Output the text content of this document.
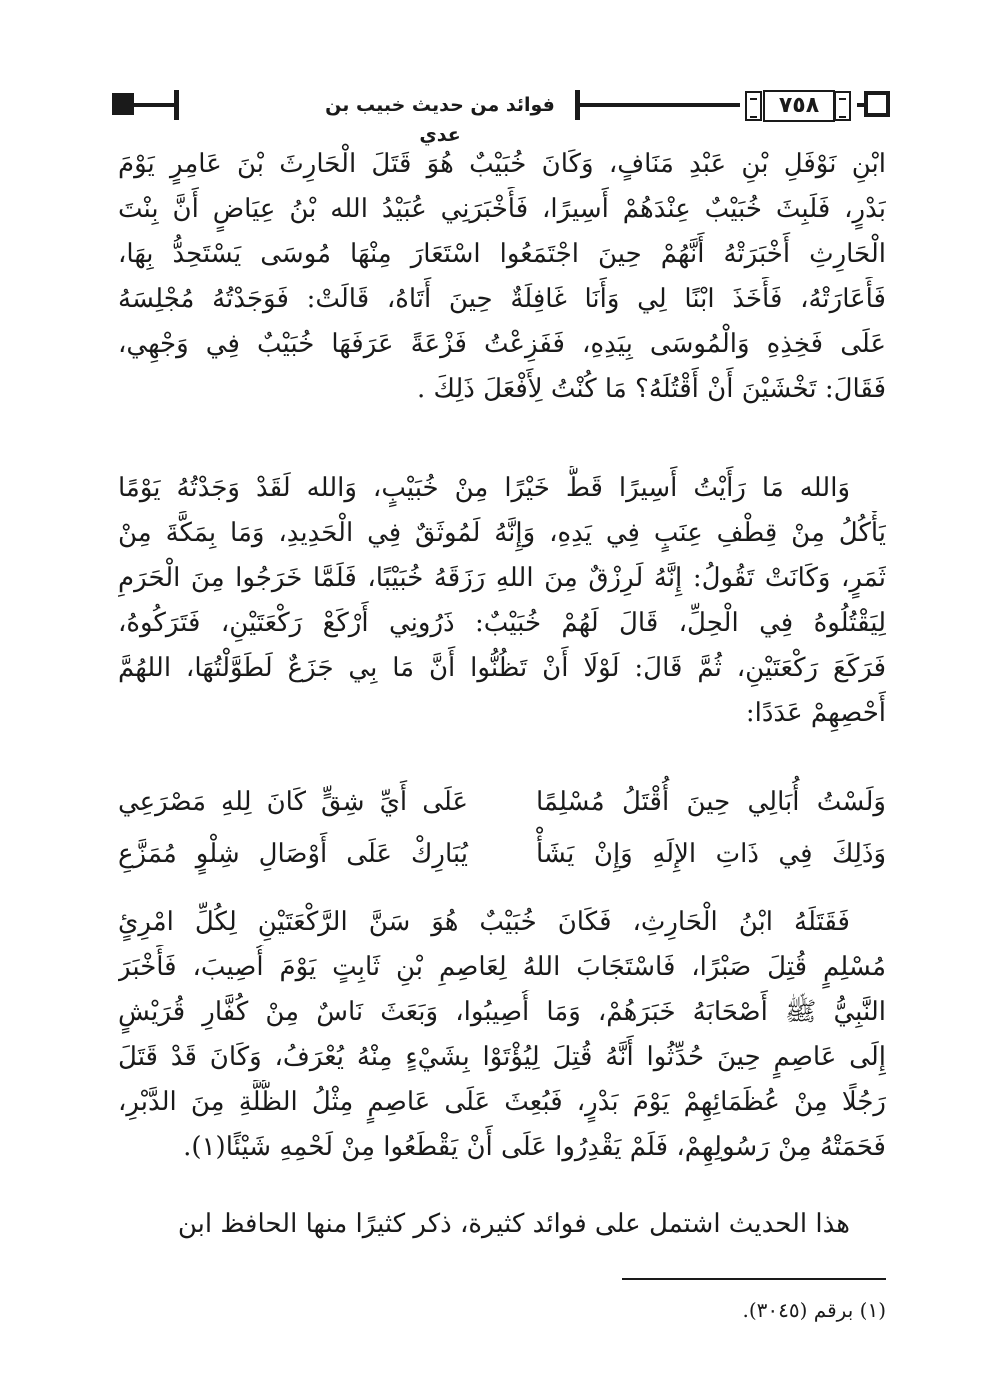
فوائد من حديث خبيب بن عدي
٧٥٨
ابْنِ نَوْفَلِ بْنِ عَبْدِ مَنَافٍ، وَكَانَ خُبَيْبٌ هُوَ قَتَلَ الْحَارِثَ بْنَ عَامِرٍ يَوْمَ
بَدْرٍ، فَلَبِثَ خُبَيْبٌ عِنْدَهُمْ أَسِيرًا، فَأَخْبَرَنِي عُبَيْدُ الله بْنُ عِيَاضٍ أَنَّ بِنْتَ
الْحَارِثِ أَخْبَرَتْهُ أَنَّهُمْ حِينَ اجْتَمَعُوا اسْتَعَارَ مِنْهَا مُوسَى يَسْتَحِدُّ بِهَا،
فَأَعَارَتْهُ، فَأَخَذَ ابْنًا لِي وَأَنَا غَافِلَةٌ حِينَ أَتَاهُ، قَالَتْ: فَوَجَدْتُهُ مُجْلِسَهُ
عَلَى فَخِذِهِ وَالْمُوسَى بِيَدِهِ، فَفَزِعْتُ فَزْعَةً عَرَفَهَا خُبَيْبٌ فِي وَجْهِي،
فَقَالَ: تَخْشَيْنَ أَنْ أَقْتُلَهُ؟ مَا كُنْتُ لِأَفْعَلَ ذَلِكَ .
وَالله مَا رَأَيْتُ أَسِيرًا قَطُّ خَيْرًا مِنْ خُبَيْبٍ، وَالله لَقَدْ وَجَدْتُهُ يَوْمًا
يَأْكُلُ مِنْ قِطْفِ عِنَبٍ فِي يَدِهِ، وَإِنَّهُ لَمُوثَقٌ فِي الْحَدِيدِ، وَمَا بِمَكَّةَ مِنْ
ثَمَرٍ، وَكَانَتْ تَقُولُ: إِنَّهُ لَرِزْقٌ مِنَ اللهِ رَزَقَهُ خُبَيْبًا، فَلَمَّا خَرَجُوا مِنَ الْحَرَمِ
لِيَقْتُلُوهُ فِي الْحِلِّ، قَالَ لَهُمْ خُبَيْبٌ: ذَرُونِي أَرْكَعْ رَكْعَتَيْنِ، فَتَرَكُوهُ،
فَرَكَعَ رَكْعَتَيْنِ، ثُمَّ قَالَ: لَوْلَا أَنْ تَظُنُّوا أَنَّ مَا بِي جَزَعٌ لَطَوَّلْتُهَا، اللهُمَّ
أَحْصِهِمْ عَدَدًا:
وَلَسْتُ أُبَالِي حِينَ أُقْتَلُ مُسْلِمًا
عَلَى أَيِّ شِقٍّ كَانَ لِلهِ مَصْرَعِي
وَذَلِكَ فِي ذَاتِ الإِلَهِ وَإِنْ يَشَأْ
يُبَارِكْ عَلَى أَوْصَالِ شِلْوٍ مُمَزَّعِ
فَقَتَلَهُ ابْنُ الْحَارِثِ، فَكَانَ خُبَيْبٌ هُوَ سَنَّ الرَّكْعَتَيْنِ لِكُلِّ امْرِئٍ
مُسْلِمٍ قُتِلَ صَبْرًا، فَاسْتَجَابَ اللهُ لِعَاصِمِ بْنِ ثَابِتٍ يَوْمَ أُصِيبَ، فَأَخْبَرَ
النَّبِيُّ ﷺ أَصْحَابَهُ خَبَرَهُمْ، وَمَا أُصِيبُوا، وَبَعَثَ نَاسٌ مِنْ كُفَّارِ قُرَيْشٍ
إِلَى عَاصِمٍ حِينَ حُدِّثُوا أَنَّهُ قُتِلَ لِيُؤْتَوْا بِشَيْءٍ مِنْهُ يُعْرَفُ، وَكَانَ قَدْ قَتَلَ
رَجُلًا مِنْ عُظَمَائِهِمْ يَوْمَ بَدْرٍ، فَبُعِثَ عَلَى عَاصِمٍ مِثْلُ الظُّلَّةِ مِنَ الدَّبْرِ،
فَحَمَتْهُ مِنْ رَسُولِهِمْ، فَلَمْ يَقْدِرُوا عَلَى أَنْ يَقْطَعُوا مِنْ لَحْمِهِ شَيْئًا(١).
هذا الحديث اشتمل على فوائد كثيرة، ذكر كثيرًا منها الحافظ ابن
(١) برقم (٣٠٤٥).
